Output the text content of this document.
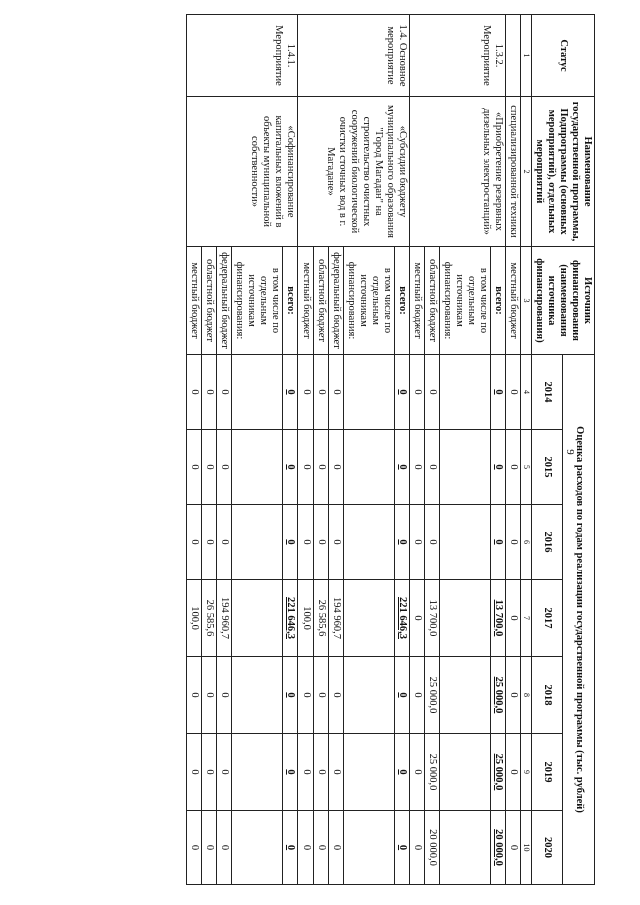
9
Статус	Наименование государственной программы, Подпрограммы (основных мероприятий), отдельных мероприятий	Источник финансирования (наименования источника финансирования)	Оценка расходов по годам реализации государственной программы (тыс. рублей)						
			2014	2015	2016	2017	2018	2019	2020
1	2	3	4	5	6	7	8	9	10
	специализированной техники	местный бюджет	0	0	0	0	0	0	0
1.3.2. Мероприятие	«Приобретение резервных дизельных электростанций»	всего:	0	0	0	13 700,0	25 000,0	25 000,0	20 000,0
		в том числе по отдельным источникам финансирования:							
		областной бюджет	0	0	0	13 700,0	25 000,0	25 000,0	20 000,0
		местный бюджет	0	0	0	0	0	0	0
1.4. Основное мероприятие	«Субсидии бюджету муниципального образования "Город Магадан" на строительство очистных сооружений биологической очистки сточных вод в г. Магадане»	всего:	0	0	0	221 646,3	0	0	0
		в том числе по отдельным источникам финансирования:							
		федеральный бюджет	0	0	0	194 960,7	0	0	0
		областной бюджет	0	0	0	26 585,6	0	0	0
		местный бюджет	0	0	0	100,0	0	0	0
1.4.1. Мероприятие	«Софинансирование капитальных вложений в объекты муниципальной собственности»	всего:	0	0	0	221 646,3	0	0	0
		в том числе по отдельным источникам финансирования:							
		федеральный бюджет	0	0	0	194 960,7	0	0	0
		областной бюджет	0	0	0	26 585,6	0	0	0
		местный бюджет	0	0	0	100,0	0	0	0
